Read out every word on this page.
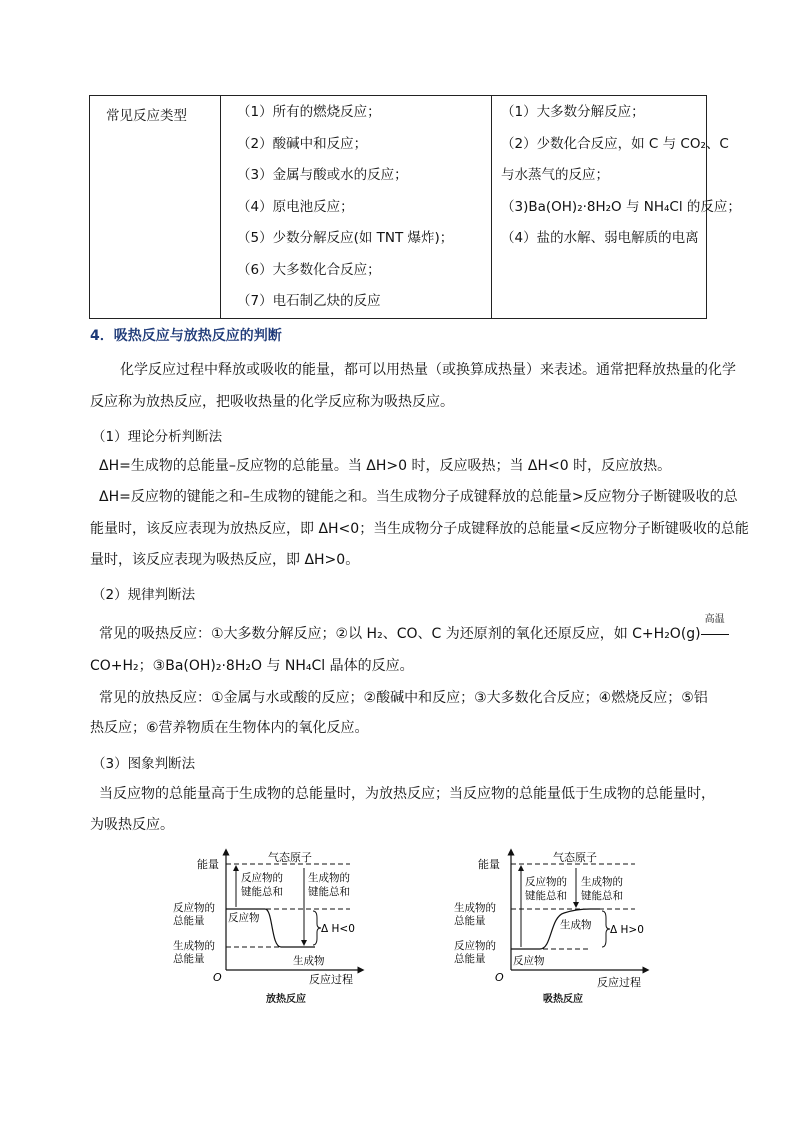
常见反应类型	（1）所有的燃烧反应；
（2）酸碱中和反应；
（3）金属与酸或水的反应；
（4）原电池反应；
（5）少数分解反应(如 TNT 爆炸)；
（6）大多数化合反应；
（7）电石制乙炔的反应

（1）大多数分解反应；
（2）少数化合反应，如 C 与 CO₂、C
与水蒸气的反应；
（3)Ba(OH)₂·8H₂O 与 NH₄Cl 的反应；
（4）盐的水解、弱电解质的电离
4．吸热反应与放热反应的判断
化学反应过程中释放或吸收的能量，都可以用热量（或换算成热量）来表述。通常把释放热量的化学
反应称为放热反应，把吸收热量的化学反应称为吸热反应。
（1）理论分析判断法
ΔH=生成物的总能量–反应物的总能量。当 ΔH>0 时，反应吸热；当 ΔH<0 时，反应放热。
ΔH=反应物的键能之和–生成物的键能之和。当生成物分子成键释放的总能量>反应物分子断键吸收的总
能量时，该反应表现为放热反应，即 ΔH<0；当生成物分子成键释放的总能量<反应物分子断键吸收的总能
量时，该反应表现为吸热反应，即 ΔH>0。
（2）规律判断法
常见的吸热反应：①大多数分解反应；②以 H₂、CO、C 为还原剂的氧化还原反应，如 C+H₂O(g)
高温
CO+H₂；③Ba(OH)₂·8H₂O 与 NH₄Cl 晶体的反应。
常见的放热反应：①金属与水或酸的反应；②酸碱中和反应；③大多数化合反应；④燃烧反应；⑤铝
热反应；⑥营养物质在生物体内的氧化反应。
（3）图象判断法
当反应物的总能量高于生成物的总能量时，为放热反应；当反应物的总能量低于生成物的总能量时，
为吸热反应。
能量
O	反应过程
气态原子
反应物的
键能总和
生成物的
键能总和
反应物的
总能量
生成物的
总能量
反应物
生成物
Δ H<0
放热反应
能量
O	反应过程
气态原子
反应物的
键能总和
生成物的
键能总和
生成物的
总能量
反应物的
总能量	反应物
生成物 Δ H>0
吸热反应
